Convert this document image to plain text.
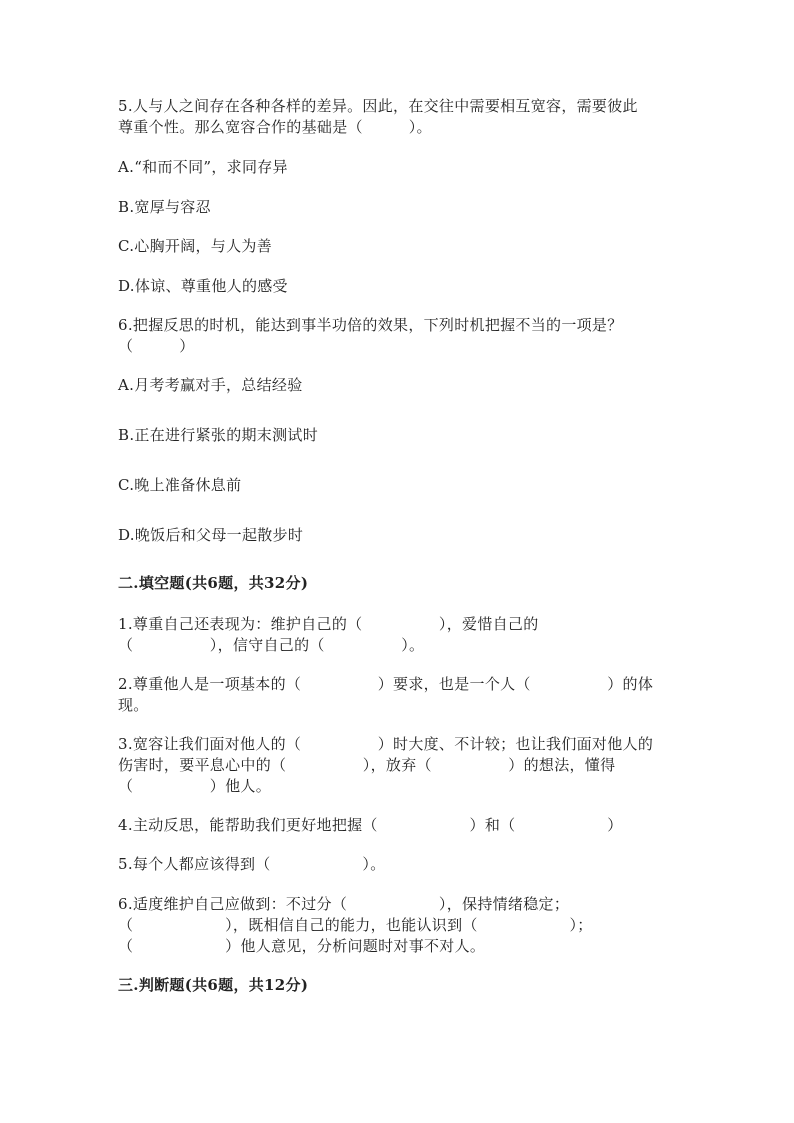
5.人与人之间存在各种各样的差异。因此，在交往中需要相互宽容，需要彼此
尊重个性。那么宽容合作的基础是（　　　）。
A.“和而不同”，求同存异
B.宽厚与容忍
C.心胸开阔，与人为善
D.体谅、尊重他人的感受
6.把握反思的时机，能达到事半功倍的效果，下列时机把握不当的一项是？
（　　　）
A.月考考赢对手，总结经验
B.正在进行紧张的期末测试时
C.晚上准备休息前
D.晚饭后和父母一起散步时
二.填空题(共6题，共32分)
1.尊重自己还表现为：维护自己的（　　　　　），爱惜自己的
（　　　　　），信守自己的（　　　　　）。
2.尊重他人是一项基本的（　　　　　）要求，也是一个人（　　　　　）的体
现。
3.宽容让我们面对他人的（　　　　　）时大度、不计较；也让我们面对他人的
伤害时，要平息心中的（　　　　　），放弃（　　　　　）的想法，懂得
（　　　　　）他人。
4.主动反思，能帮助我们更好地把握（　　　　　　）和（　　　　　　）
5.每个人都应该得到（　　　　　　）。
6.适度维护自己应做到：不过分（　　　　　　），保持情绪稳定；
（　　　　　　），既相信自己的能力，也能认识到（　　　　　　）；
（　　　　　　）他人意见，分析问题时对事不对人。
三.判断题(共6题，共12分)
